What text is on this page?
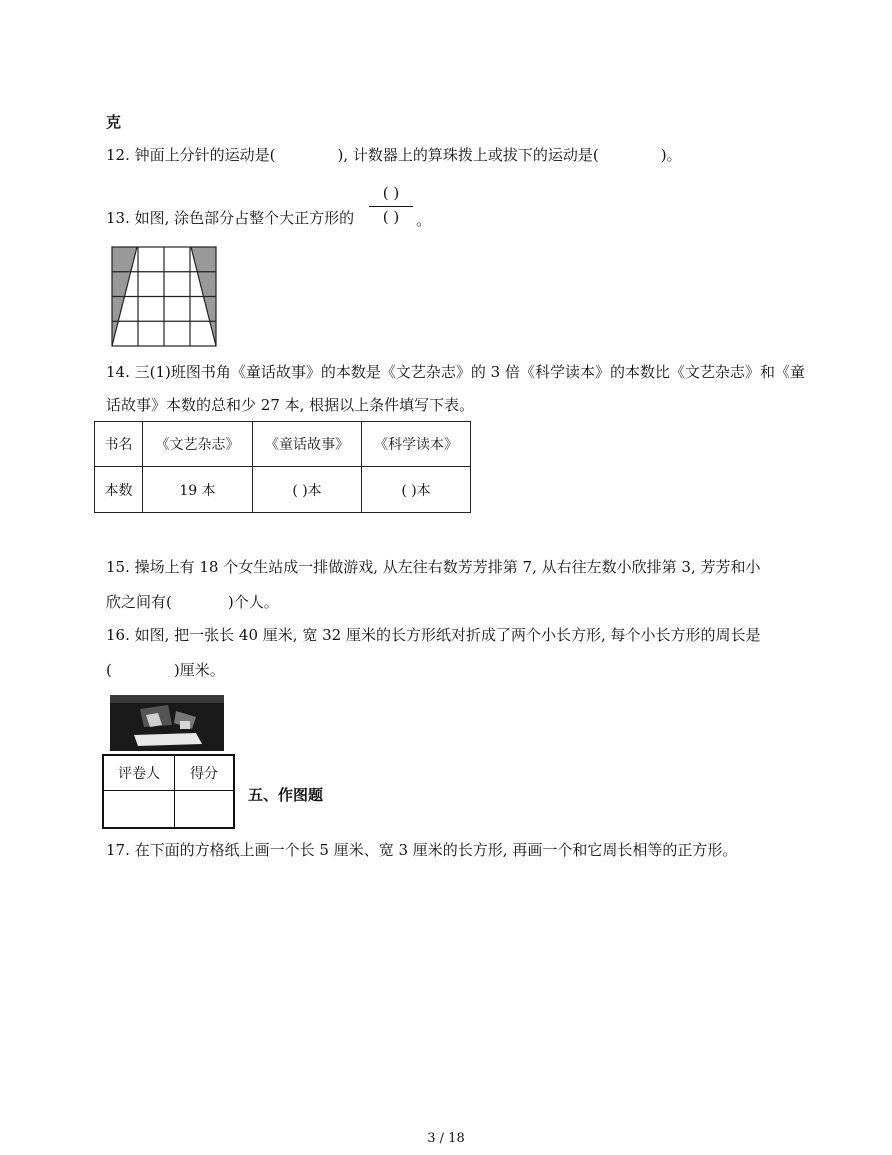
克
12. 钟面上分针的运动是(	), 计数器上的算珠拨上或拔下的运动是(	)。
13. 如图, 涂色部分占整个大正方形的
( )
( )	。
14. 三(1)班图书角《童话故事》的本数是《文艺杂志》的 3 倍《科学读本》的本数比《文艺杂志》和《童
话故事》本数的总和少 27 本, 根据以上条件填写下表。
书名	《文艺杂志》	《童话故事》	《科学读本》
本数	19 本	( )本	( )本
15. 操场上有 18 个女生站成一排做游戏, 从左往右数芳芳排第 7, 从右往左数小欣排第 3, 芳芳和小
欣之间有(	)个人。
16. 如图, 把一张长 40 厘米, 宽 32 厘米的长方形纸对折成了两个小长方形, 每个小长方形的周长是
(	)厘米。
评卷人	得分

五、作图题
17. 在下面的方格纸上画一个长 5 厘米、宽 3 厘米的长方形, 再画一个和它周长相等的正方形。
3 / 18
